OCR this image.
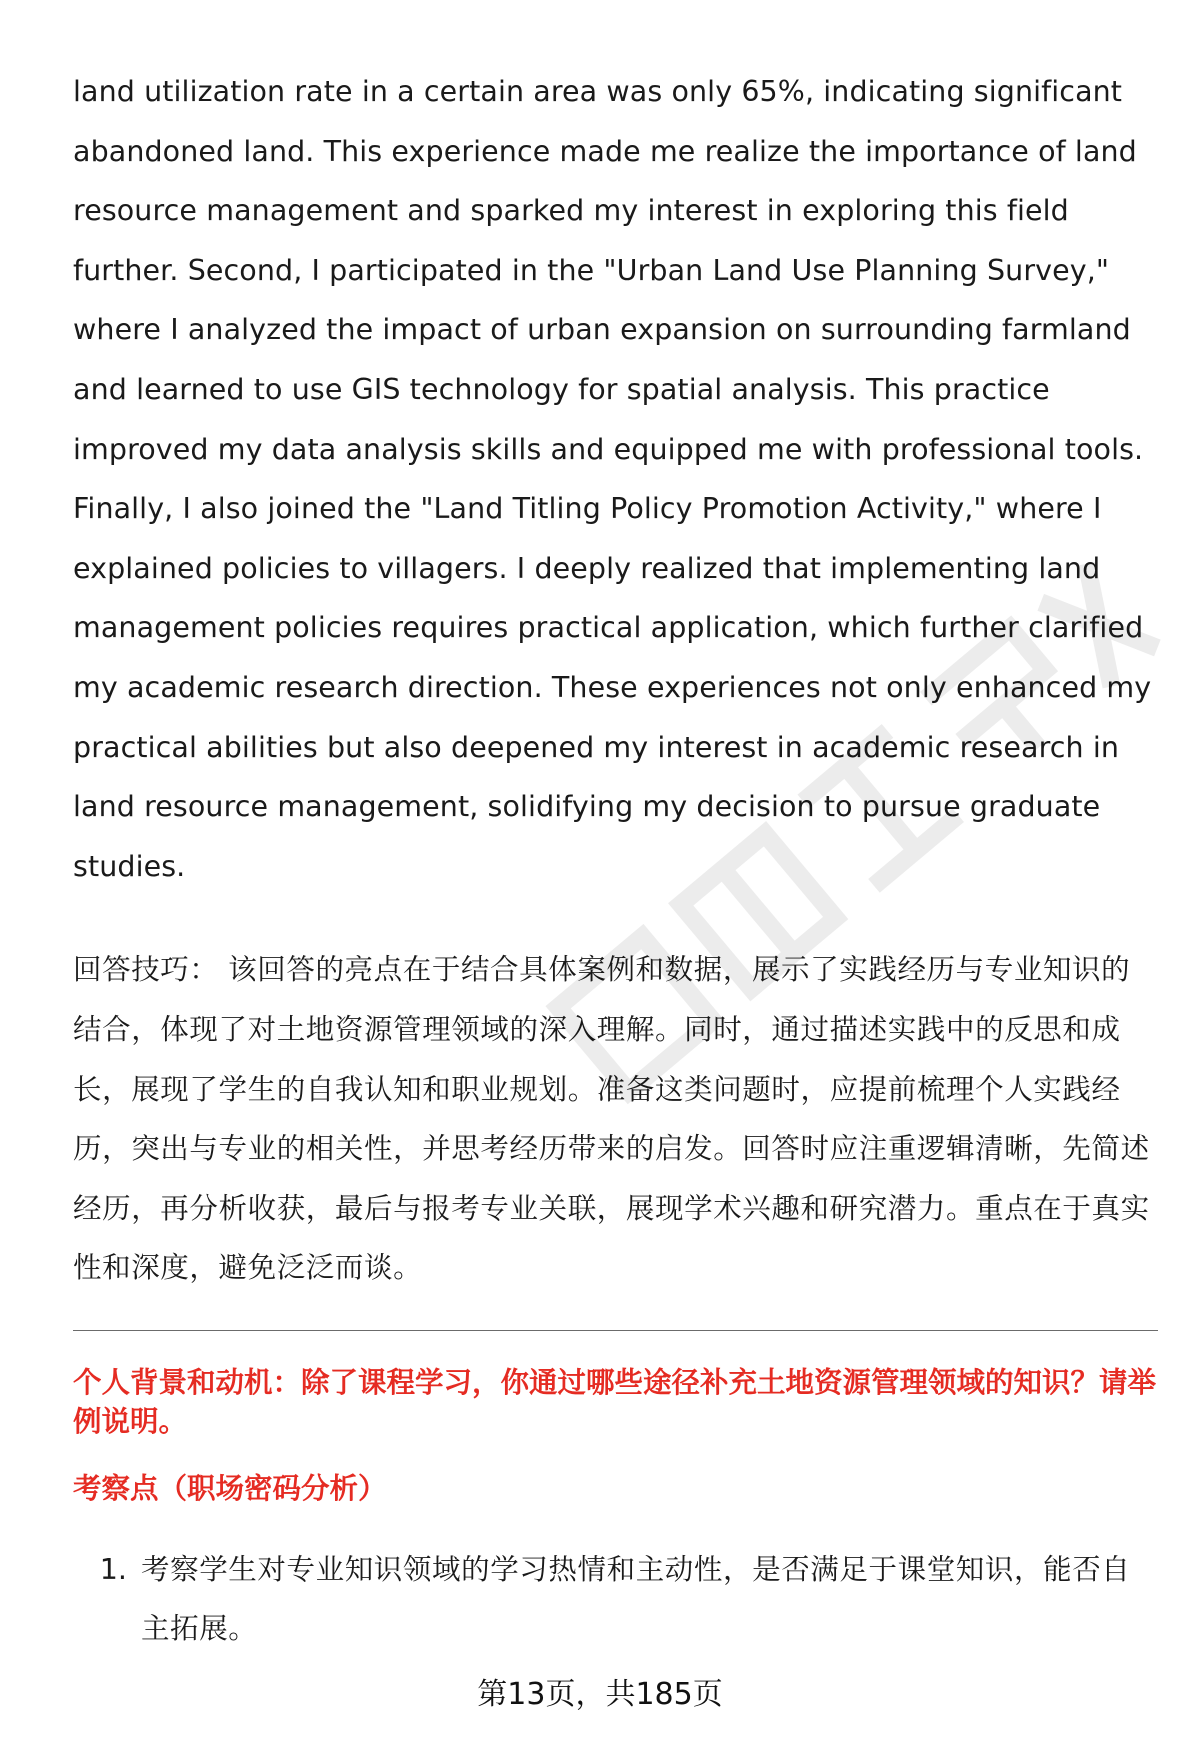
land utilization rate in a certain area was only 65%, indicating significant abandoned land. This experience made me realize the importance of land resource management and sparked my interest in exploring this field further. Second, I participated in the "Urban Land Use Planning Survey," where I analyzed the impact of urban expansion on surrounding farmland and learned to use GIS technology for spatial analysis. This practice improved my data analysis skills and equipped me with professional tools. Finally, I also joined the "Land Titling Policy Promotion Activity," where I explained policies to villagers. I deeply realized that implementing land management policies requires practical application, which further clarified my academic research direction. These experiences not only enhanced my practical abilities but also deepened my interest in academic research in land resource management, solidifying my decision to pursue graduate studies.

回答技巧： 该回答的亮点在于结合具体案例和数据，展示了实践经历与专业知识的结合，体现了对土地资源管理领域的深入理解。同时，通过描述实践中的反思和成长，展现了学生的自我认知和职业规划。准备这类问题时，应提前梳理个人实践经历，突出与专业的相关性，并思考经历带来的启发。回答时应注重逻辑清晰，先简述经历，再分析收获，最后与报考专业关联，展现学术兴趣和研究潜力。重点在于真实性和深度，避免泛泛而谈。

个人背景和动机：除了课程学习，你通过哪些途径补充土地资源管理领域的知识？请举例说明。
考察点（职场密码分析）
1. 考察学生对专业知识领域的学习热情和主动性，是否满足于课堂知识，能否自主拓展。
第13页，共185页
